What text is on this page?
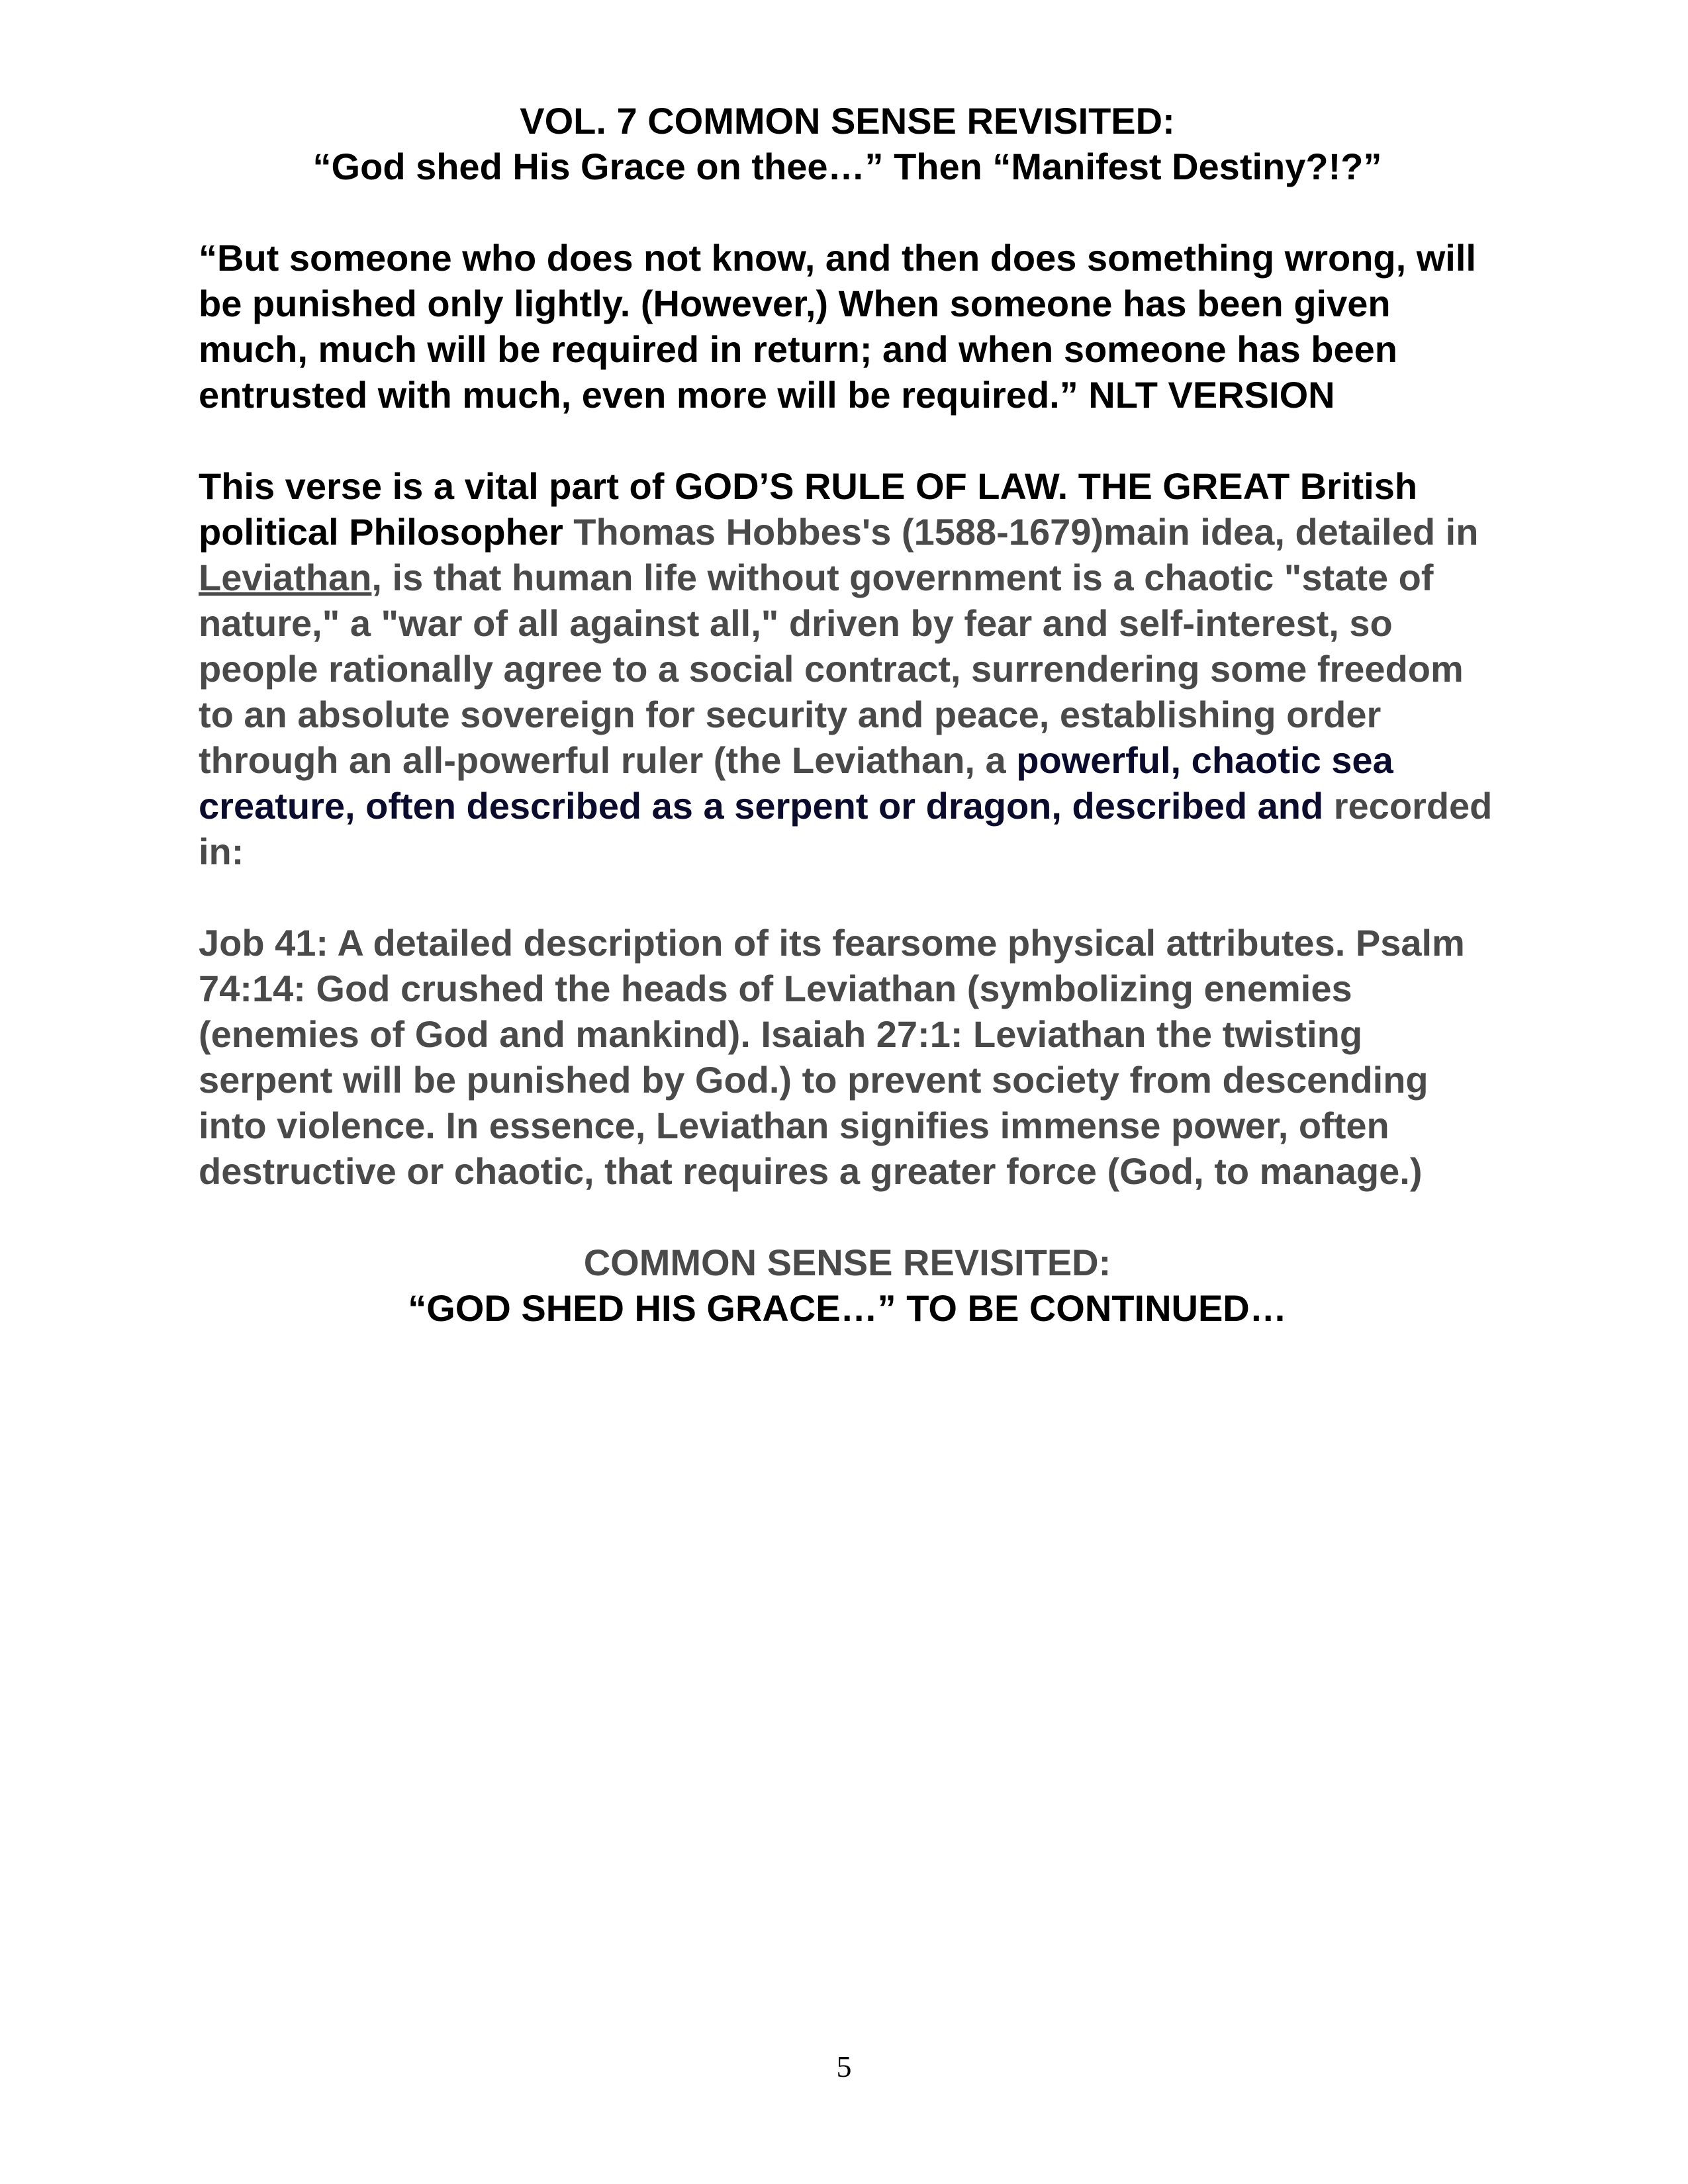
VOL. 7 COMMON SENSE REVISITED:
“God shed His Grace on thee…” Then “Manifest Destiny?!?”
“But someone who does not know, and then does something wrong, will be punished only lightly. (However,) When someone has been given much, much will be required in return; and when someone has been entrusted with much, even more will be required.” NLT VERSION
This verse is a vital part of GOD’S RULE OF LAW. THE GREAT British political Philosopher Thomas Hobbes's (1588-1679)main idea, detailed in Leviathan, is that human life without government is a chaotic "state of nature," a "war of all against all," driven by fear and self-interest, so people rationally agree to a social contract, surrendering some freedom to an absolute sovereign for security and peace, establishing order through an all-powerful ruler (the Leviathan, a powerful, chaotic sea creature, often described as a serpent or dragon, described and recorded in:
Job 41: A detailed description of its fearsome physical attributes. Psalm 74:14: God crushed the heads of Leviathan (symbolizing enemies (enemies of God and mankind). Isaiah 27:1: Leviathan the twisting serpent will be punished by God.) to prevent society from descending into violence. In essence, Leviathan signifies immense power, often destructive or chaotic, that requires a greater force (God, to manage.)
COMMON SENSE REVISITED:
“GOD SHED HIS GRACE…” TO BE CONTINUED…
5
